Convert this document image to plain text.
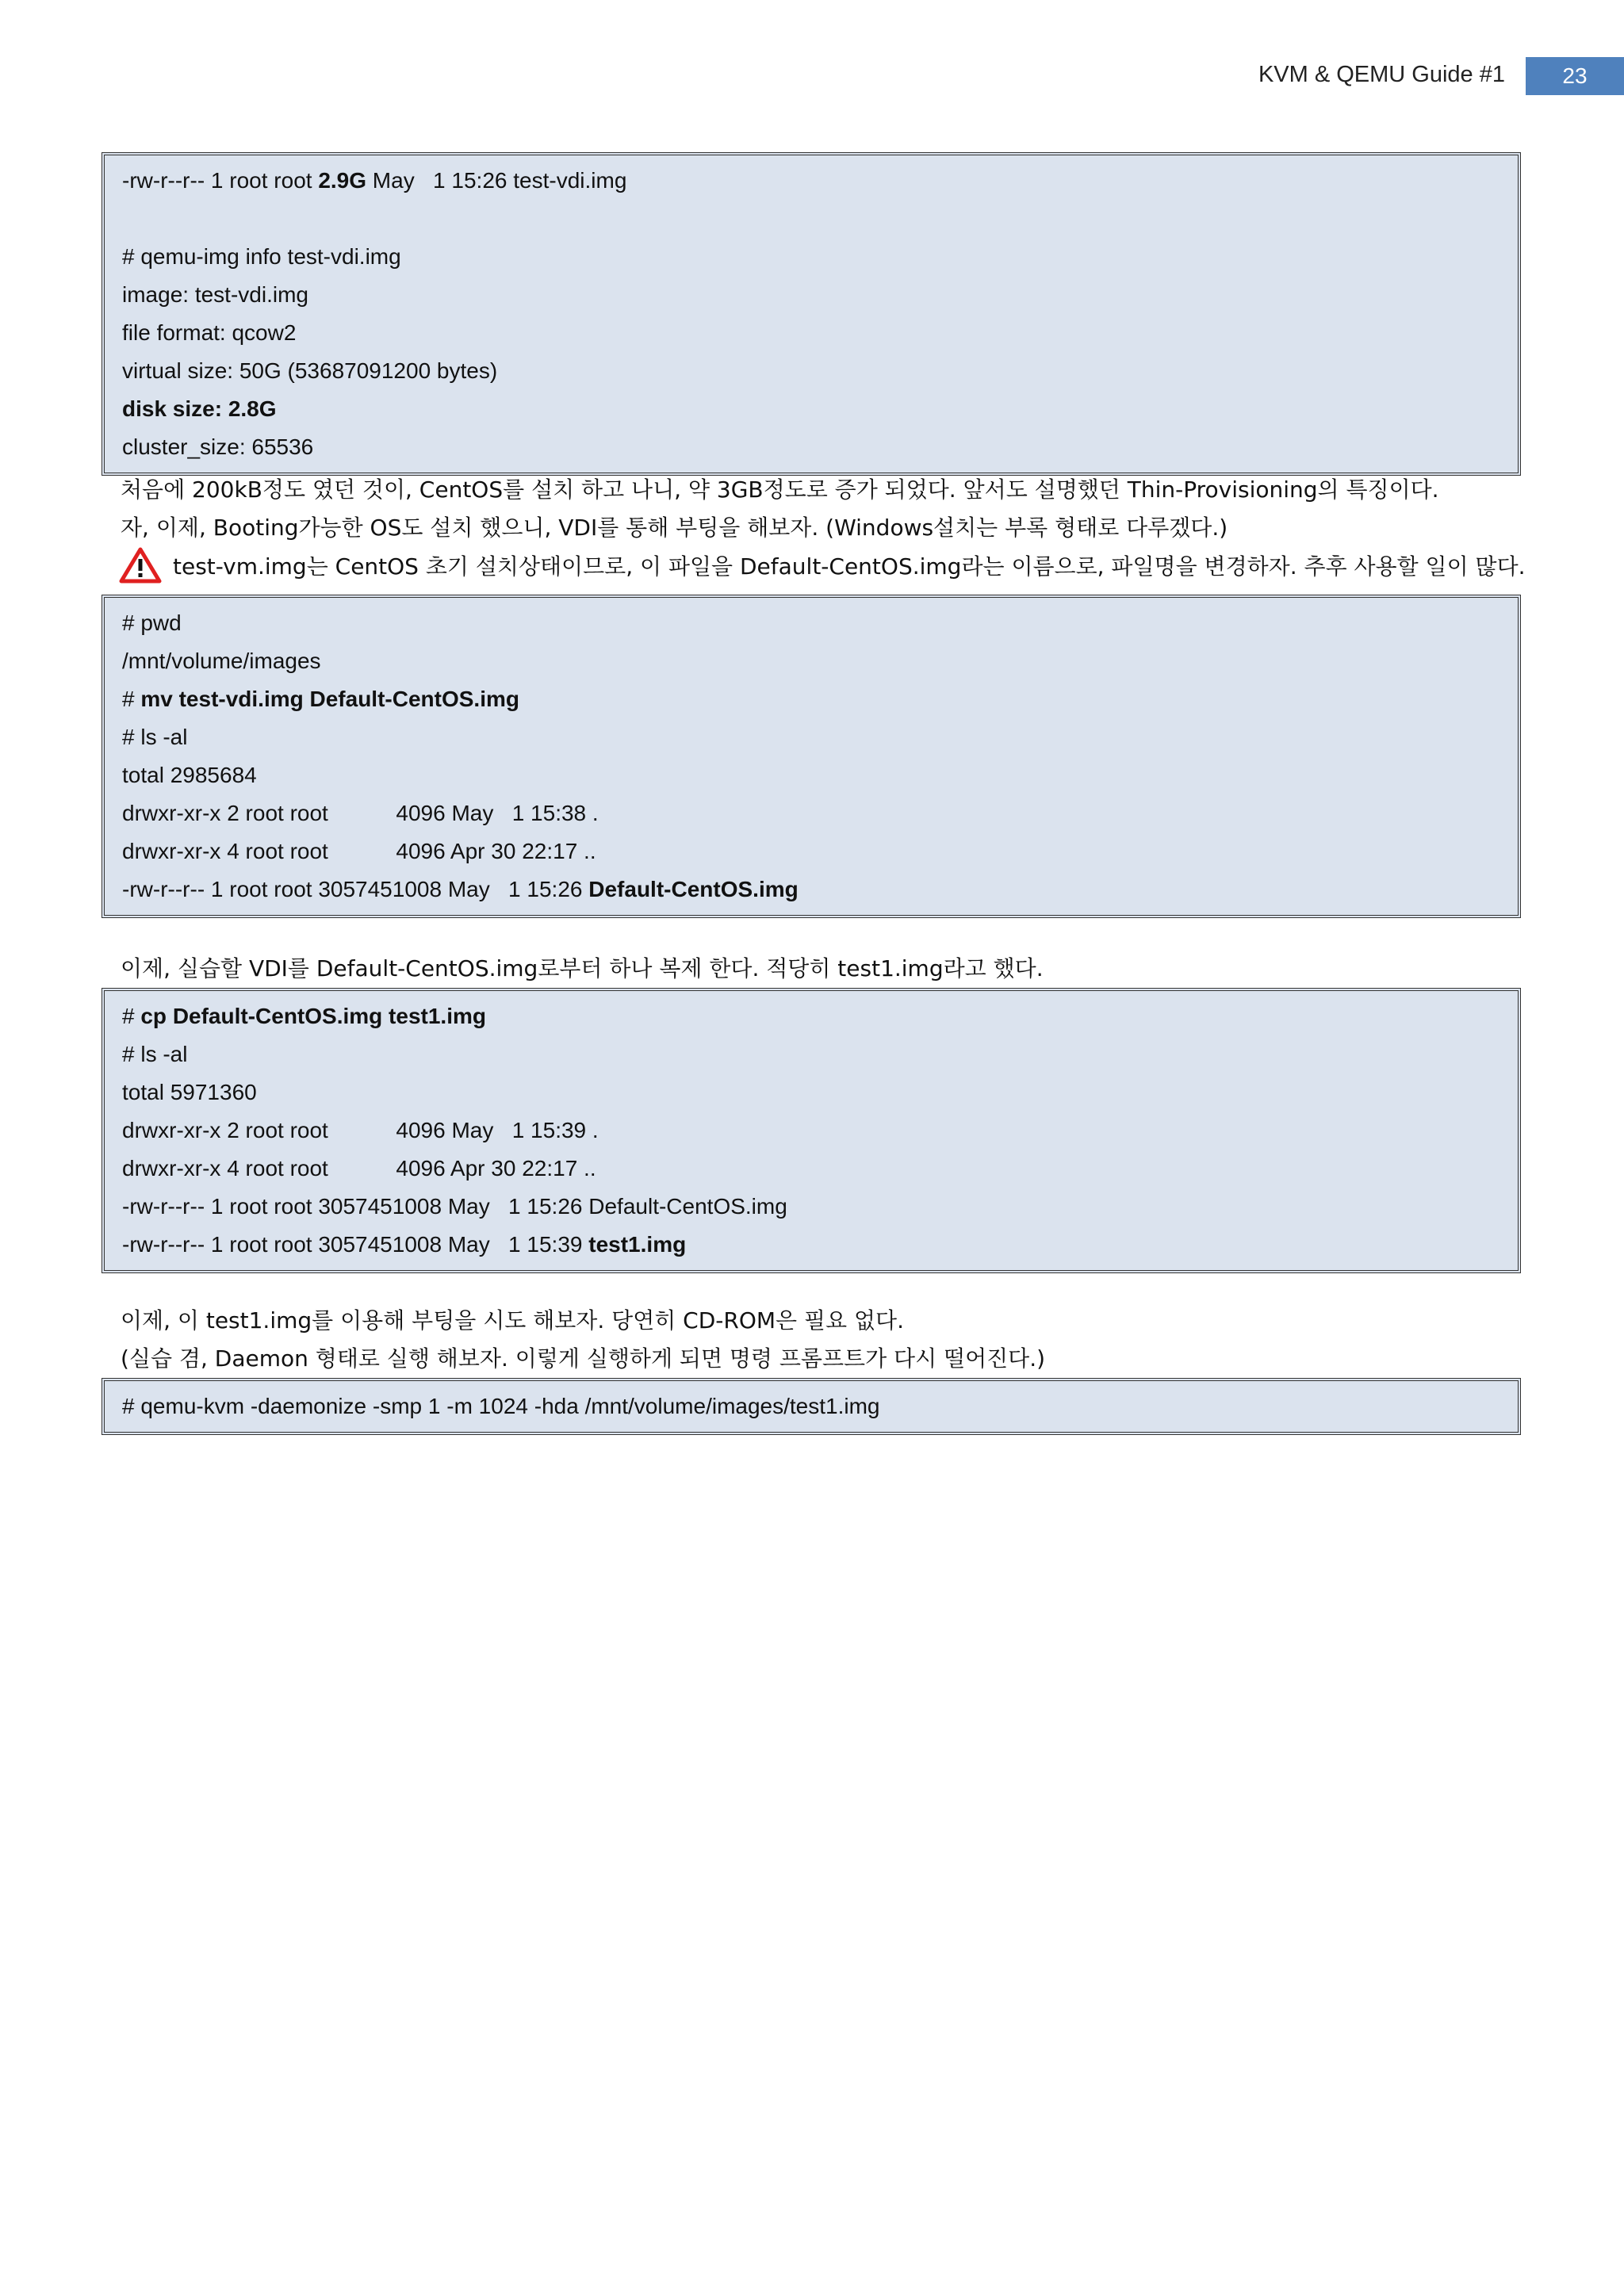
KVM & QEMU Guide #1	23
-rw-r--r-- 1 root root 2.9G May   1 15:26 test-vdi.img
# qemu-img info test-vdi.img
image: test-vdi.img
file format: qcow2
virtual size: 50G (53687091200 bytes)
disk size: 2.8G
cluster_size: 65536
처음에 200kB정도 였던 것이, CentOS를 설치 하고 나니, 약 3GB정도로 증가 되었다. 앞서도 설명했던 Thin-Provisioning의 특징이다.
자, 이제, Booting가능한 OS도 설치 했으니, VDI를 통해 부팅을 해보자. (Windows설치는 부록 형태로 다루겠다.)
test-vm.img는 CentOS 초기 설치상태이므로, 이 파일을 Default-CentOS.img라는 이름으로, 파일명을 변경하자. 추후 사용할 일이 많다.
# pwd
/mnt/volume/images
# mv test-vdi.img Default-CentOS.img
# ls -al
total 2985684
drwxr-xr-x 2 root root           4096 May   1 15:38 .
drwxr-xr-x 4 root root           4096 Apr 30 22:17 ..
-rw-r--r-- 1 root root 3057451008 May   1 15:26 Default-CentOS.img
이제, 실습할 VDI를 Default-CentOS.img로부터 하나 복제 한다. 적당히 test1.img라고 했다.
# cp Default-CentOS.img test1.img
# ls -al
total 5971360
drwxr-xr-x 2 root root           4096 May   1 15:39 .
drwxr-xr-x 4 root root           4096 Apr 30 22:17 ..
-rw-r--r-- 1 root root 3057451008 May   1 15:26 Default-CentOS.img
-rw-r--r-- 1 root root 3057451008 May   1 15:39 test1.img
이제, 이 test1.img를 이용해 부팅을 시도 해보자. 당연히 CD-ROM은 필요 없다.
(실습 겸, Daemon 형태로 실행 해보자. 이렇게 실행하게 되면 명령 프롬프트가 다시 떨어진다.)
# qemu-kvm -daemonize -smp 1 -m 1024 -hda /mnt/volume/images/test1.img
